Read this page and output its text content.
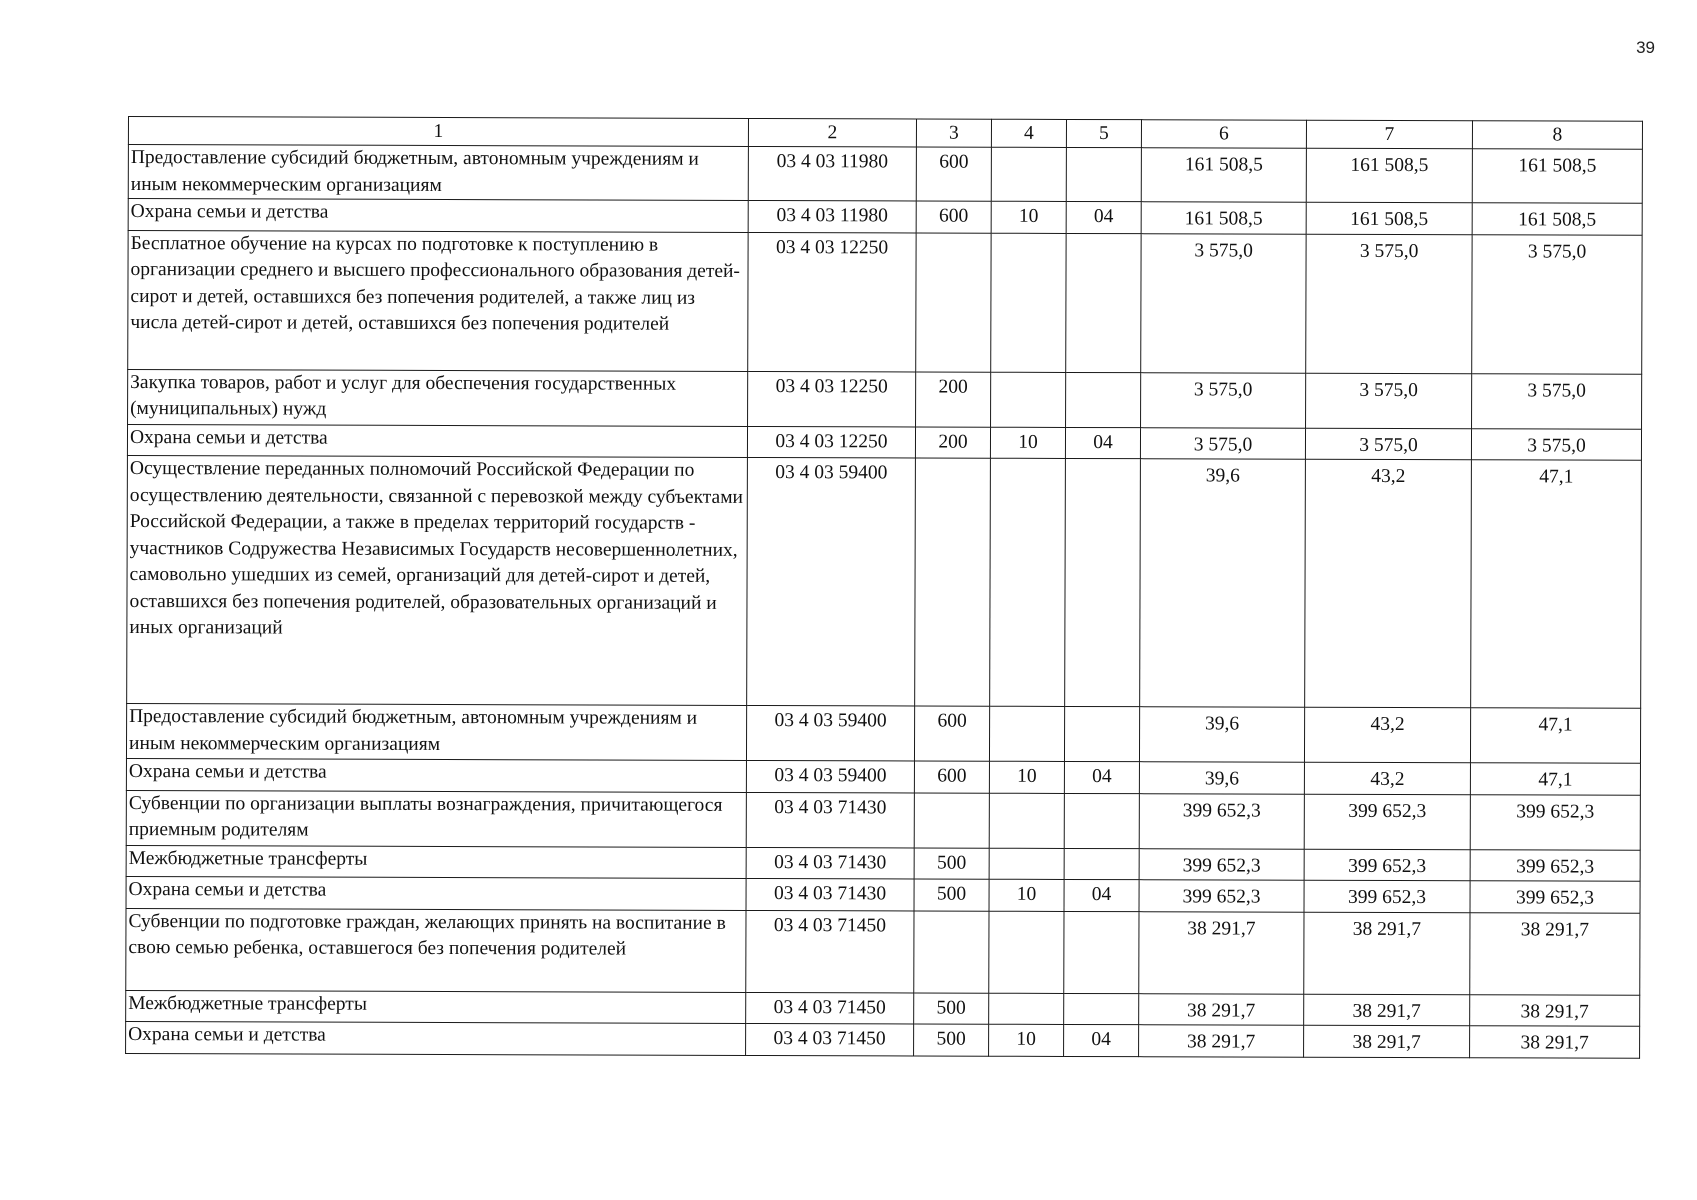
39
1	2	3	4	5	6	7	8
Предоставление субсидий бюджетным, автономным учреждениям и иным некоммерческим организациям	03 4 03 11980	600			161 508,5	161 508,5	161 508,5
Охрана семьи и детства	03 4 03 11980	600	10	04	161 508,5	161 508,5	161 508,5
Бесплатное обучение на курсах по подготовке к поступлению в организации среднего и высшего профессионального образования детей-сирот и детей, оставшихся без попечения родителей, а также лиц из числа детей-сирот и детей, оставшихся без попечения родителей	03 4 03 12250				3 575,0	3 575,0	3 575,0
Закупка товаров, работ и услуг для обеспечения государственных (муниципальных) нужд	03 4 03 12250	200			3 575,0	3 575,0	3 575,0
Охрана семьи и детства	03 4 03 12250	200	10	04	3 575,0	3 575,0	3 575,0
Осуществление переданных полномочий Российской Федерации по осуществлению деятельности, связанной с перевозкой между субъектами Российской Федерации, а также в пределах территорий государств - участников Содружества Независимых Государств несовершеннолетних, самовольно ушедших из семей, организаций для детей-сирот и детей, оставшихся без попечения родителей, образовательных организаций и иных организаций	03 4 03 59400				39,6	43,2	47,1
Предоставление субсидий бюджетным, автономным учреждениям и иным некоммерческим организациям	03 4 03 59400	600			39,6	43,2	47,1
Охрана семьи и детства	03 4 03 59400	600	10	04	39,6	43,2	47,1
Субвенции по организации выплаты вознаграждения, причитающегося приемным родителям	03 4 03 71430				399 652,3	399 652,3	399 652,3
Межбюджетные трансферты	03 4 03 71430	500			399 652,3	399 652,3	399 652,3
Охрана семьи и детства	03 4 03 71430	500	10	04	399 652,3	399 652,3	399 652,3
Субвенции по подготовке граждан, желающих принять на воспитание в свою семью ребенка, оставшегося без попечения родителей	03 4 03 71450				38 291,7	38 291,7	38 291,7
Межбюджетные трансферты	03 4 03 71450	500			38 291,7	38 291,7	38 291,7
Охрана семьи и детства	03 4 03 71450	500	10	04	38 291,7	38 291,7	38 291,7
